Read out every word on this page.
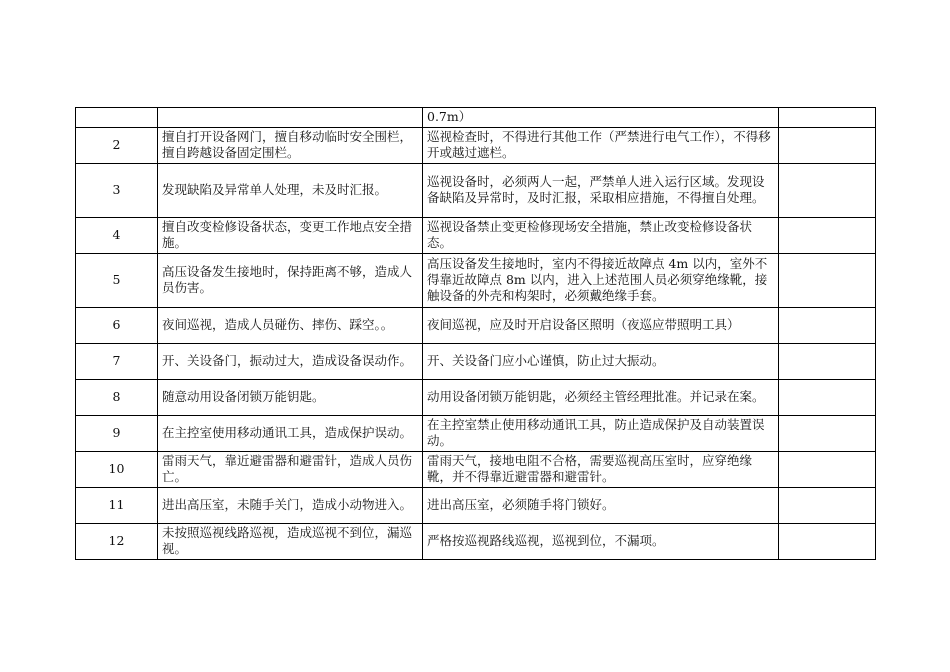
		0.7m）	
2	擅自打开设备网门，擅自移动临时安全围栏，擅自跨越设备固定围栏。	巡视检查时，不得进行其他工作（严禁进行电气工作），不得移开或越过遮栏。	
3	发现缺陷及异常单人处理，未及时汇报。	巡视设备时，必须两人一起，严禁单人进入运行区域。发现设备缺陷及异常时，及时汇报，采取相应措施，不得擅自处理。	
4	擅自改变检修设备状态，变更工作地点安全措施。	巡视设备禁止变更检修现场安全措施，禁止改变检修设备状态。	
5	高压设备发生接地时，保持距离不够，造成人员伤害。	高压设备发生接地时，室内不得接近故障点 4m 以内，室外不得靠近故障点 8m 以内，进入上述范围人员必须穿绝缘靴，接触设备的外壳和构架时，必须戴绝缘手套。	
6	夜间巡视，造成人员碰伤、摔伤、踩空。。	夜间巡视，应及时开启设备区照明（夜巡应带照明工具）	
7	开、关设备门，振动过大，造成设备误动作。	开、关设备门应小心谨慎，防止过大振动。	
8	随意动用设备闭锁万能钥匙。	动用设备闭锁万能钥匙，必须经主管经理批准。并记录在案。	
9	在主控室使用移动通讯工具，造成保护误动。	在主控室禁止使用移动通讯工具，防止造成保护及自动装置误动。	
10	雷雨天气，靠近避雷器和避雷针，造成人员伤亡。	雷雨天气，接地电阻不合格，需要巡视高压室时，应穿绝缘靴，并不得靠近避雷器和避雷针。	
11	进出高压室，未随手关门，造成小动物进入。	进出高压室，必须随手将门锁好。	
12	未按照巡视线路巡视，造成巡视不到位，漏巡视。	严格按巡视路线巡视，巡视到位，不漏项。	
